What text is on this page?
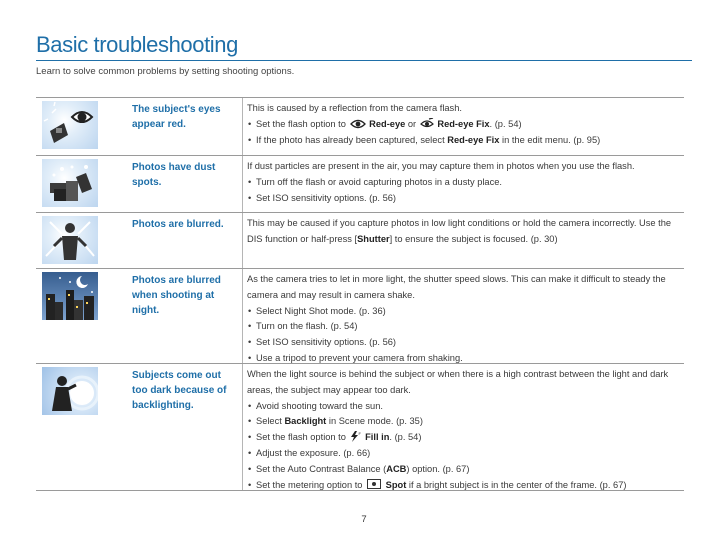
Basic troubleshooting
Learn to solve common problems by setting shooting options.
The subject's eyes appear red.
This is caused by a reflection from the camera flash.
• Set the flash option to Red-eye or Red-eye Fix. (p. 54)
• If the photo has already been captured, select Red-eye Fix in the edit menu. (p. 95)
Photos have dust spots.
If dust particles are present in the air, you may capture them in photos when you use the flash.
• Turn off the flash or avoid capturing photos in a dusty place.
• Set ISO sensitivity options. (p. 56)
Photos are blurred.	This may be caused if you capture photos in low light conditions or hold the camera incorrectly. Use the DIS function or half-press [Shutter] to ensure the subject is focused. (p. 30)
Photos are blurred when shooting at night.
As the camera tries to let in more light, the shutter speed slows. This can make it difficult to steady the camera and may result in camera shake.
• Select Night Shot mode. (p. 36)
• Turn on the flash. (p. 54)
• Set ISO sensitivity options. (p. 56)
• Use a tripod to prevent your camera from shaking.
Subjects come out too dark because of backlighting.
When the light source is behind the subject or when there is a high contrast between the light and dark areas, the subject may appear too dark.
• Avoid shooting toward the sun.
• Select Backlight in Scene mode. (p. 35)
• Set the flash option to	F Fill in. (p. 54)
• Adjust the exposure. (p. 66)
• Set the Auto Contrast Balance (ACB) option. (p. 67)
• Set the metering option to Spot if a bright subject is in the center of the frame. (p. 67)
7
